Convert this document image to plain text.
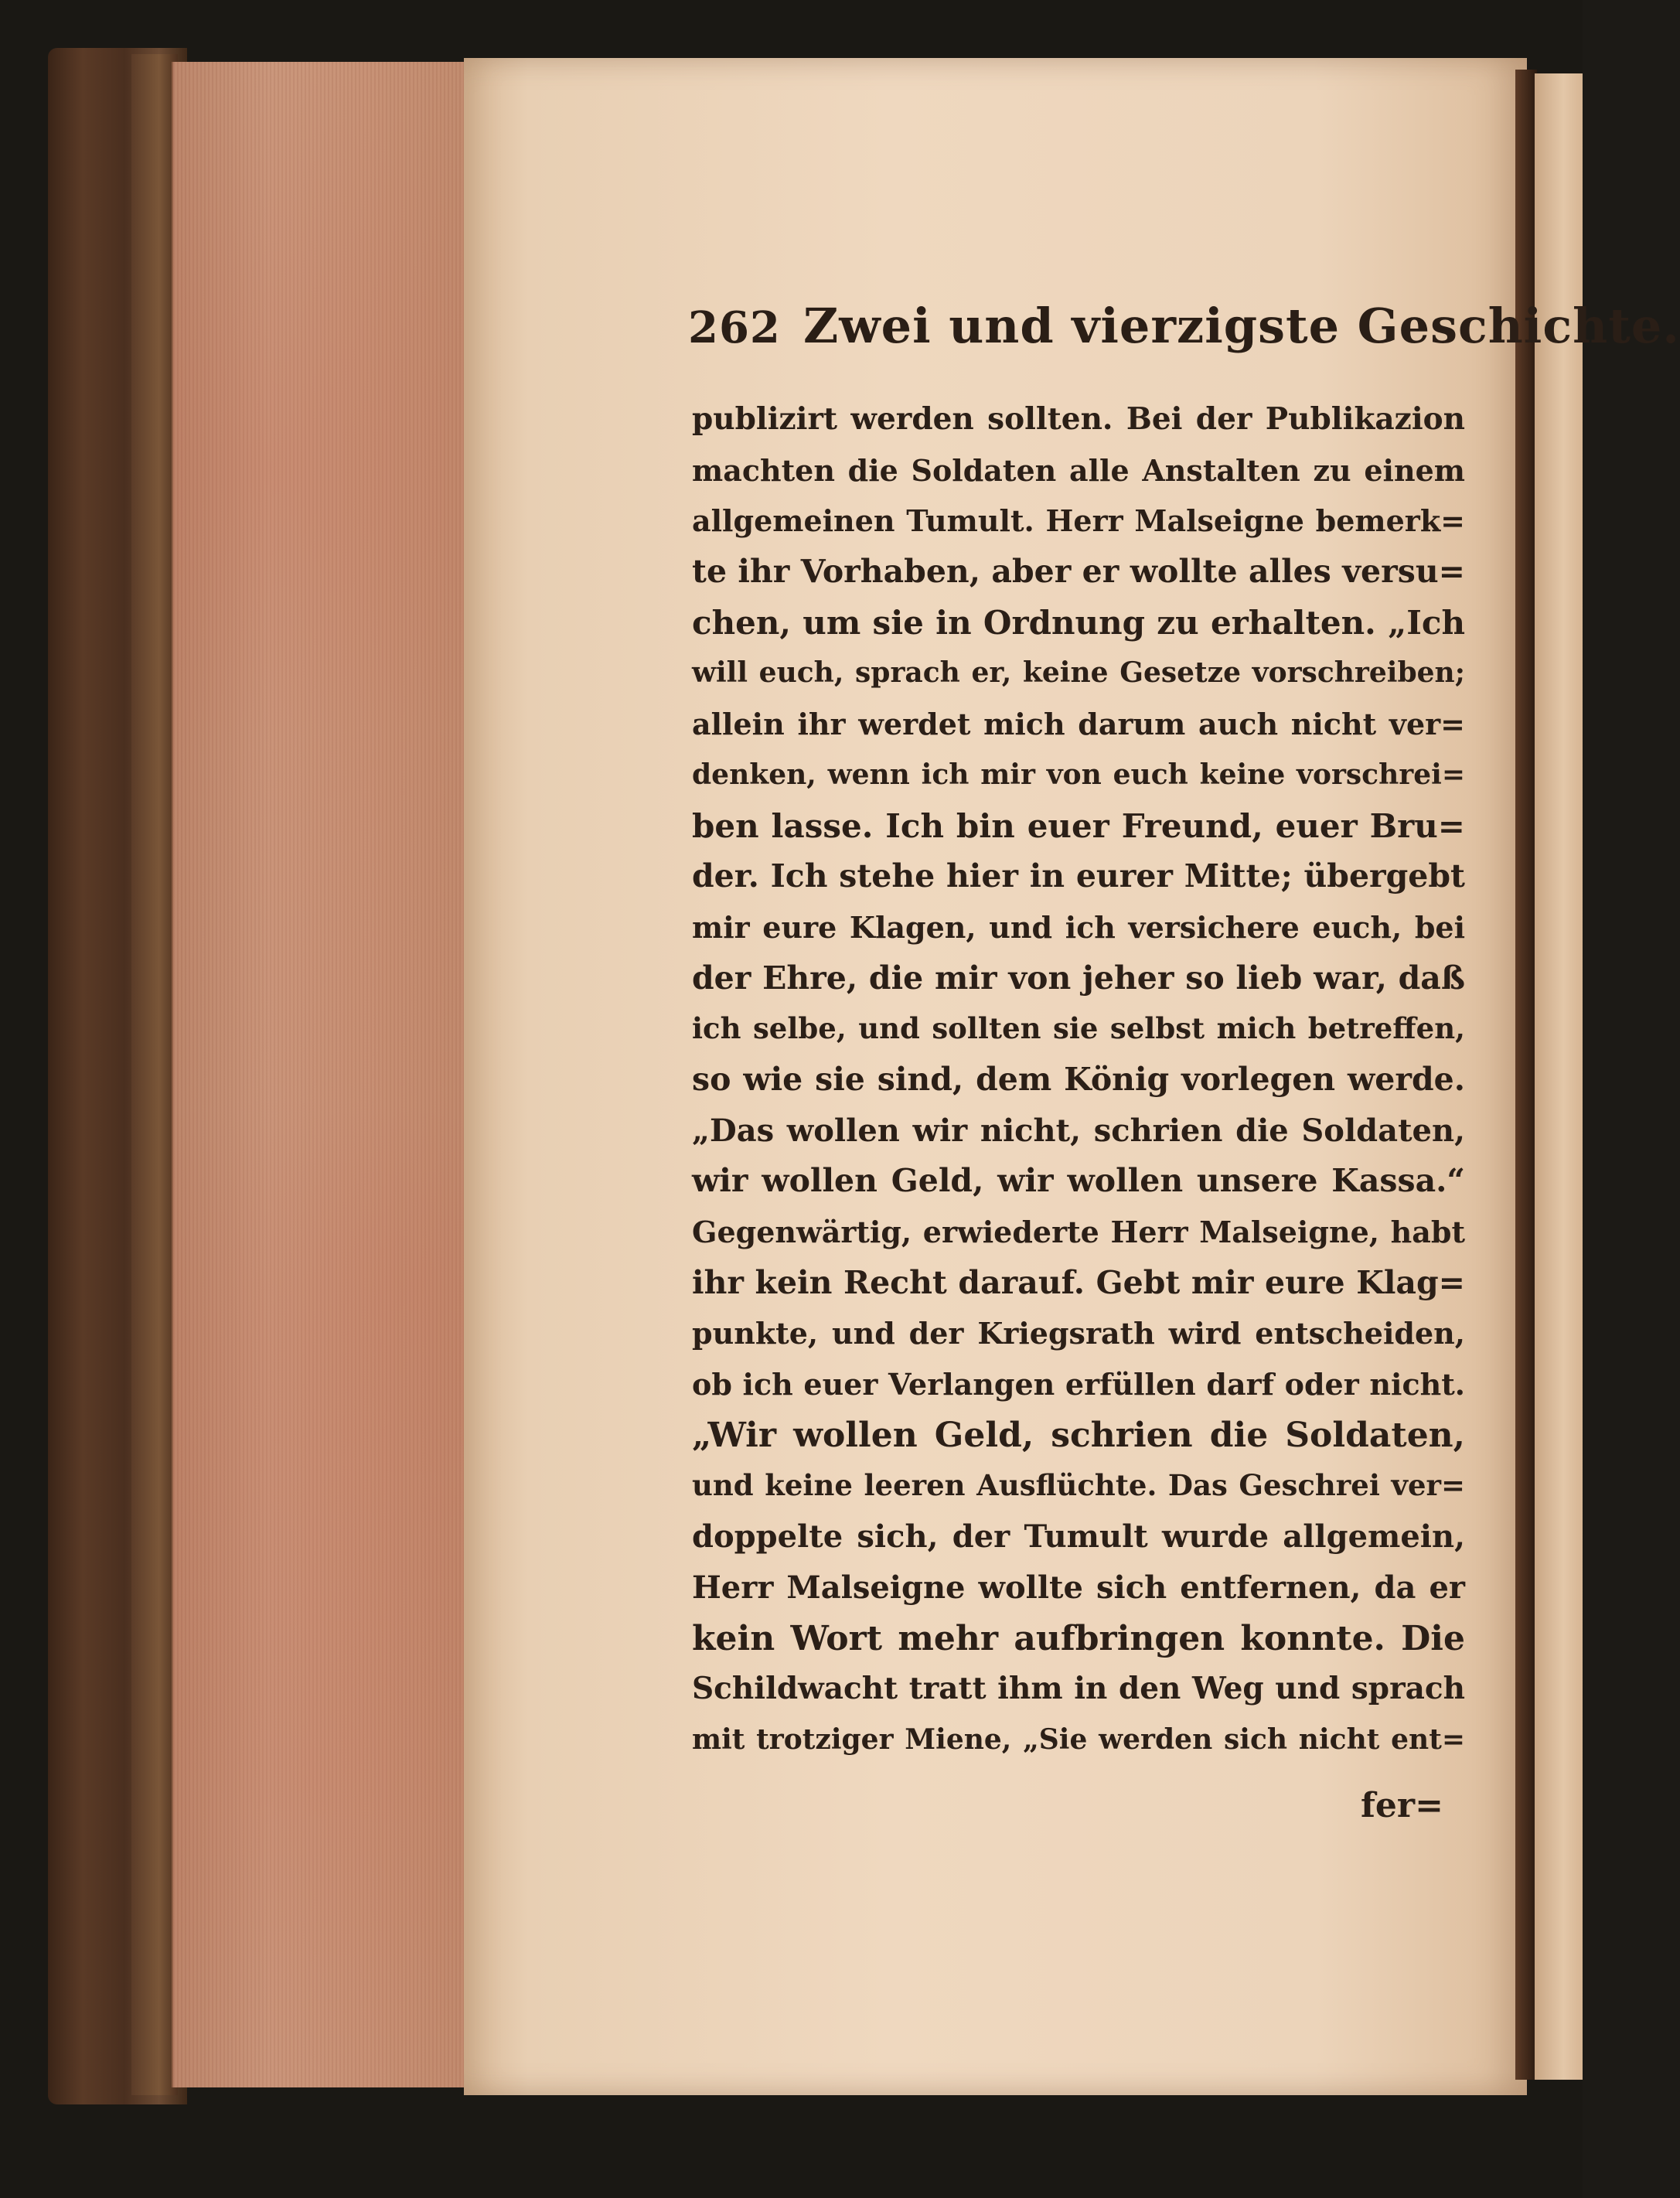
262 Zwei und vierzigste Geschichte.
publizirt werden sollten. Bei der Publikazion
machten die Soldaten alle Anstalten zu einem
allgemeinen Tumult. Herr Malseigne bemerk=
te ihr Vorhaben, aber er wollte alles versu=
chen, um sie in Ordnung zu erhalten. „Ich
will euch, sprach er, keine Gesetze vorschreiben;
allein ihr werdet mich darum auch nicht ver=
denken, wenn ich mir von euch keine vorschrei=
ben lasse. Ich bin euer Freund, euer Bru=
der. Ich stehe hier in eurer Mitte; übergebt
mir eure Klagen, und ich versichere euch, bei
der Ehre, die mir von jeher so lieb war, daß
ich selbe, und sollten sie selbst mich betreffen,
so wie sie sind, dem König vorlegen werde.
„Das wollen wir nicht, schrien die Soldaten,
wir wollen Geld, wir wollen unsere Kassa.“
Gegenwärtig, erwiederte Herr Malseigne, habt
ihr kein Recht darauf. Gebt mir eure Klag=
punkte, und der Kriegsrath wird entscheiden,
ob ich euer Verlangen erfüllen darf oder nicht.
„Wir wollen Geld, schrien die Soldaten,
und keine leeren Ausflüchte. Das Geschrei ver=
doppelte sich, der Tumult wurde allgemein,
Herr Malseigne wollte sich entfernen, da er
kein Wort mehr aufbringen konnte. Die
Schildwacht tratt ihm in den Weg und sprach
mit trotziger Miene, „Sie werden sich nicht ent=
fer=
